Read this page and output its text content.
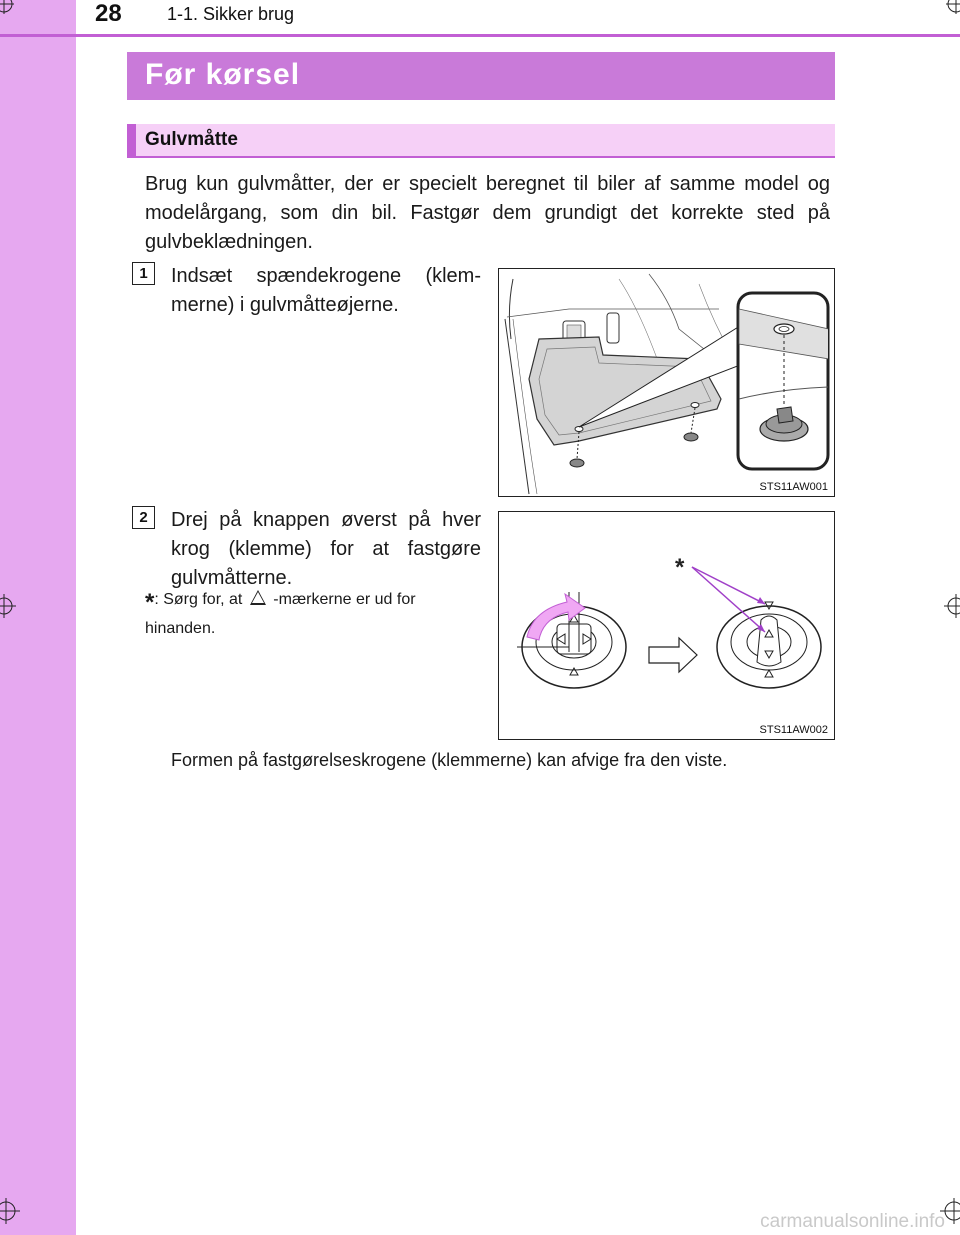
28	1-1. Sikker brug
Før kørsel
Gulvmåtte
Brug kun gulvmåtter, der er specielt beregnet til biler af samme model og modelårgang, som din bil. Fastgør dem grundigt det korrekte sted på gulvbeklædningen.
1	Indsæt spændekrogene (klem- merne) i gulvmåtteøjerne.
STS11AW001
2	Drej på knappen øverst på hver krog (klemme) for at fastgøre gulvmåtterne.
*: Sørg for, at -mærkerne er ud for hinanden.
*
STS11AW002
Formen på fastgørelseskrogene (klemmerne) kan afvige fra den viste.
carmanualsonline.info
